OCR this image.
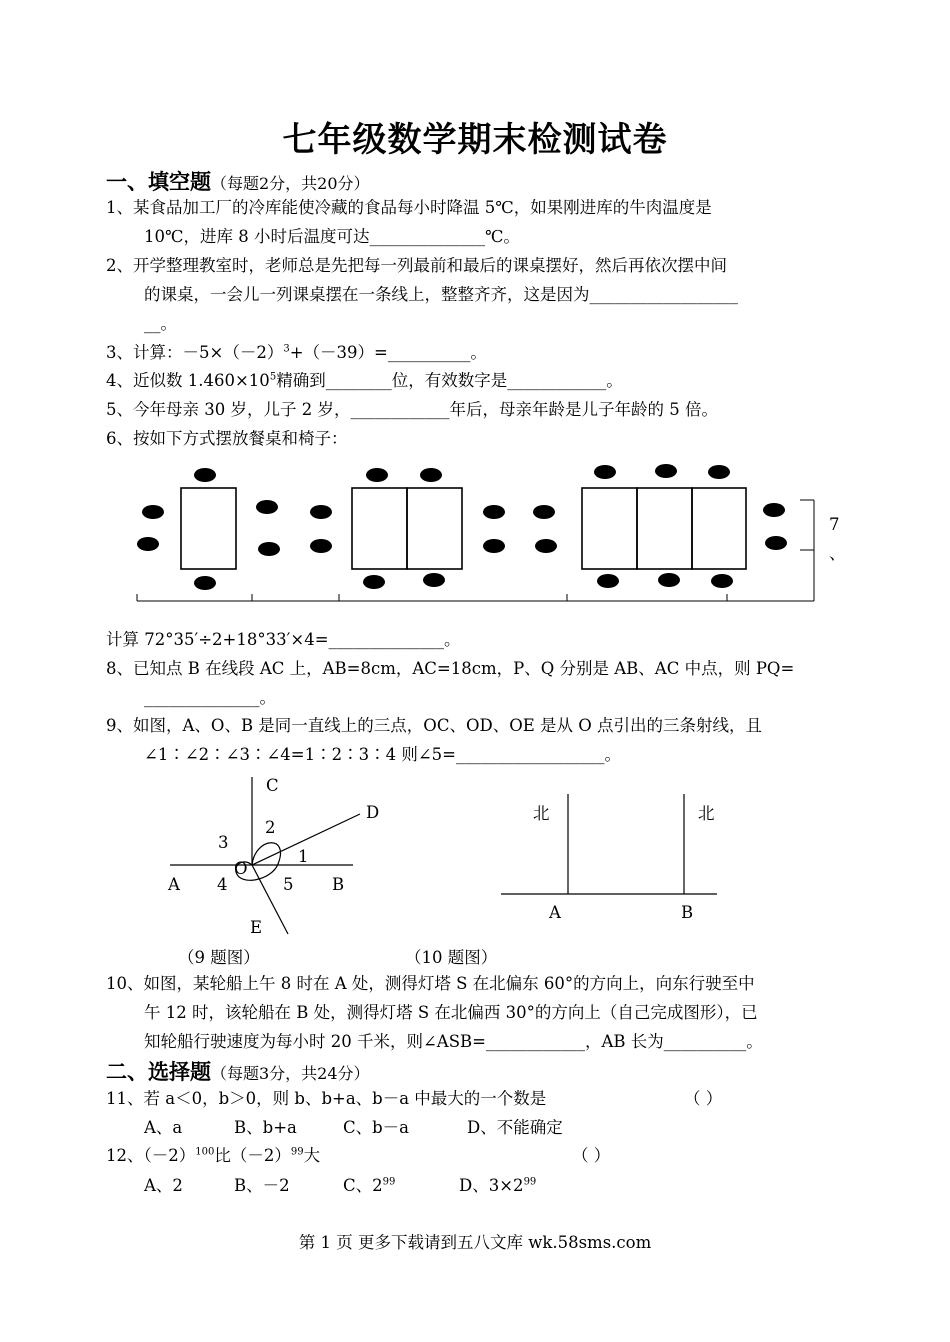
七年级数学期末检测试卷
一、填空题（每题2分，共20分）
1、某食品加工厂的冷库能使冷藏的食品每小时降温 5℃，如果刚进库的牛肉温度是
10℃，进库 8 小时后温度可达______________℃。
2、开学整理教室时，老师总是先把每一列最前和最后的课桌摆好，然后再依次摆中间
的课桌，一会儿一列课桌摆在一条线上，整整齐齐，这是因为__________________
__。
3、计算：$-5\times(-2)^3+(-39)=\_\_\_\_\_\_\_\_\_\_$。
4、近似数 $1.460\times 10^5$精确到________位，有效数字是____________。
5、今年母亲 30 岁，儿子 2 岁，____________年后，母亲年龄是儿子年龄的 5 倍。
6、按如下方式摆放餐桌和椅子：
7
、
计算 72°35′÷2+18°33′×4=______________。
8、已知点 B 在线段 AC 上，AB=8cm，AC=18cm，P、Q 分别是 AB、AC 中点，则 PQ=
______________。
9、如图，A、O、B 是同一直线上的三点，OC、OD、OE 是从 O 点引出的三条射线，且
∠1∶∠2∶∠3∶∠4=1∶2∶3∶4 则∠5=__________________。
C
D
2
3
1
O
A 4	5 B
E
（9 题图）
北	北
A	B
（10 题图）
10、如图，某轮船上午 8 时在 A 处，测得灯塔 S 在北偏东 60°的方向上，向东行驶至中
午 12 时，该轮船在 B 处，测得灯塔 S 在北偏西 30°的方向上（自己完成图形），已
知轮船行驶速度为每小时 20 千米，则∠ASB=____________，AB 长为__________。
二、选择题（每题3分，共24分）
11、若 a＜0，b＞0，则 b、b+a、b－a 中最大的一个数是	（ ）
A、a	B、b+a	C、b－a	D、不能确定
12、$(-2)^{100}$比$(-2)^{99}$大	（ ）
A、2	B、－2	C、$2^{99}$	D、$3\times 2^{99}$
第 1 页 更多下载请到五八文库 wk.58sms.com
